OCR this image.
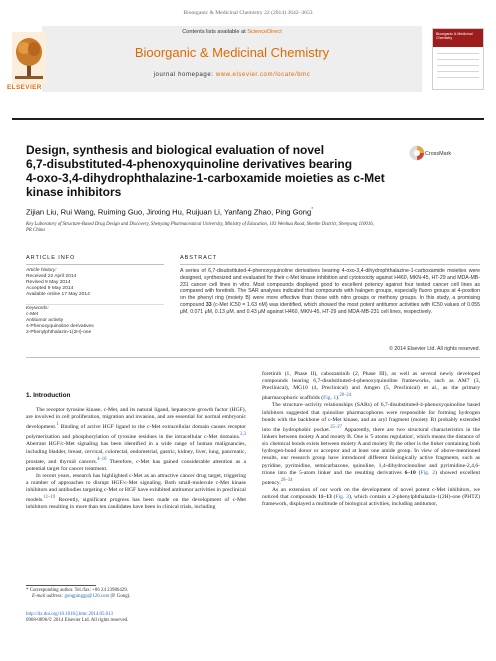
Bioorganic & Medicinal Chemistry 22 (2014) 3642–3653
ELSEVIER
Contents lists available at ScienceDirect
Bioorganic & Medicinal Chemistry
journal homepage: www.elsevier.com/locate/bmc
Bioorganic & Medicinal Chemistry
Design, synthesis and biological evaluation of novel
6,7-disubstituted-4-phenoxyquinoline derivatives bearing
4-oxo-3,4-dihydrophthalazine-1-carboxamide moieties as c-Met
kinase inhibitors
CrossMark
Zijian Liu, Rui Wang, Ruiming Guo, Jinxing Hu, Ruijuan Li, Yanfang Zhao, Ping Gong*
Key Laboratory of Structure-Based Drug Design and Discovery, Shenyang Pharmaceutical University, Ministry of Education, 103 Wenhua Road, Shenhe District, Shenyang 110016,
PR China
ARTICLE INFO	ABSTRACT
Article history:
Received 22 April 2014
Revised 9 May 2014
Accepted 9 May 2014
Available online 17 May 2014
Keywords:
c-Met
Antitumor activity
4-Phenoxyquinoline derivatives
2-Phenylphthalazin-1(2H)-one
A series of 6,7-disubstituted-4-phenoxyquinoline derivatives bearing 4-oxo-3,4-dihydrophthalazine-1-carboxamide moieties were designed, synthesized and evaluated for their c-Met kinase inhibition and cytotoxicity against H460, MKN-45, HT-29 and MDA-MB-231 cancer cell lines in vitro. Most compounds displayed good to excellent potency against four tested cancer cell lines as compared with foretinib. The SAR analyses indicated that compounds with halogen groups, especially fluoro groups at 4-position on the phenyl ring (moiety B) were more effective than those with nitro groups or methoxy groups. In this study, a promising compound 33 (c-Met IC50 = 1.63 nM) was identified, which showed the most potent antitumor activities with IC50 values of 0.055 μM, 0.071 μM, 0.13 μM, and 0.43 μM against H460, MKN-45, HT-29 and MDA-MB-231 cell lines, respectively.
© 2014 Elsevier Ltd. All rights reserved.
1. Introduction

The receptor tyrosine kinase, c-Met, and its natural ligand, hepatocyte growth factor (HGF), are involved in cell proliferation, migration and invasion, and are essential for normal embryonic development.$^1$ Binding of active HGF ligand to the c-Met extracellular domain causes receptor polymerization and phosphorylation of tyrosine residues in the intracellular c-Met domains.$^{2,3}$ Aberrant HGF/c-Met signaling has been identified in a wide range of human malignancies, including bladder, breast, cervical, colorectal, endometrial, gastric, kidney, liver, lung, pancreatic, prostate, and thyroid cancers.$^{4-10}$ Therefore, c-Met has gained considerable attention as a potential target for cancer treatment.

In recent years, research has highlighted c-Met as an attractive cancer drug target, triggering a number of approaches to disrupt HGF/c-Met signaling. Both small-molecule c-Met kinase inhibitors and antibodies targeting c-Met or HGF have exhibited antitumor activities in preclinical models.$^{11-19}$ Recently, significant progress has been made on the development of c-Met inhibitors resulting in more than ten candidates have been in clinical trials, including

foretinib (1, Phase II), cabozantinib (2, Phase III), as well as several newly developed compounds bearing 6,7-disubstituted-4-phenoxyquinoline frameworks, such as AM7 (3, Preclinical), MG10 (4, Preclinical) and Amgen (5, Preclinical) et al., as the primary pharmacophoric scaffolds (Fig. 1).$^{20-24}$

The structure–activity relationships (SARs) of 6,7-disubstituted-4-phenoxyquinoline based inhibitors suggested that quinoline pharmacophores were responsible for forming hydrogen bonds with the backbone of c-Met kinase, and an aryl fragment (moiety B) probably extended into the hydrophobic pocket.$^{25-27}$ Apparently, there are two structural characteristics in the linkers between moiety A and moiety B. One is '5 atoms regulation', which means the distance of six chemical bonds exists between moiety A and moiety B; the other is the linker containing both hydrogen-bond donor or acceptor and at least one amide group. In view of above-mentioned results, our research group have introduced different biologically active fragments, such as pyridine, pyrimidine, semicarbazone, quinoline, 1,4-dihydrocinnoline and pyrimidine-2,4,6-trione into the 5-atom linker and the resulting derivatives 6–10 (Fig. 2) showed excellent potency.$^{28-34}$

As an extension of our work on the development of novel potent c-Met inhibitors, we noticed that compounds 11–13 (Fig. 3), which contain a 2-phenylphthalazin-1(2H)-one (PHTZ) framework, displayed a multitude of biological activities, including antitumor,

* Corresponding author. Tel./fax: +86 24 23986429.
E-mail address: gongpinggp@126.com (P. Gong).
http://dx.doi.org/10.1016/j.bmc.2014.05.013
0968-0896/© 2014 Elsevier Ltd. All rights reserved.
